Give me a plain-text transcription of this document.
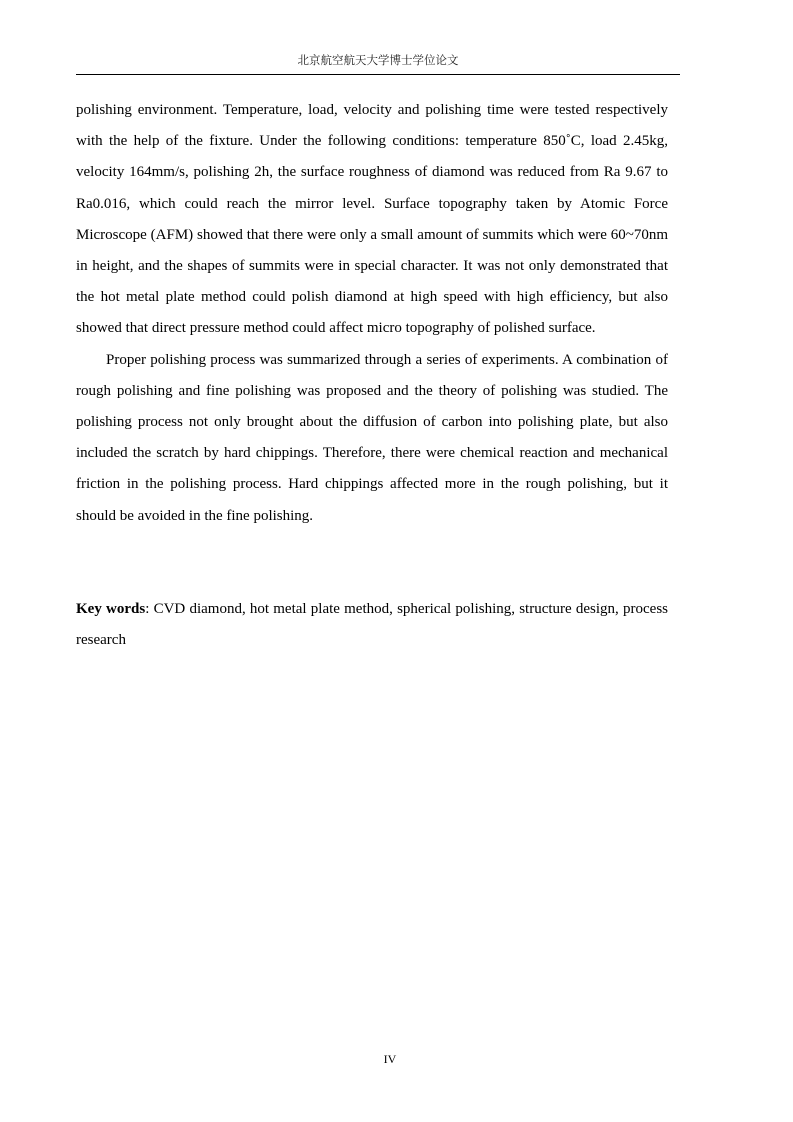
北京航空航天大学博士学位论文

polishing environment. Temperature, load, velocity and polishing time were tested respectively with the help of the fixture. Under the following conditions: temperature 850˚C, load 2.45kg, velocity 164mm/s, polishing 2h, the surface roughness of diamond was reduced from Ra 9.67 to Ra0.016, which could reach the mirror level. Surface topography taken by Atomic Force Microscope (AFM) showed that there were only a small amount of summits which were 60~70nm in height, and the shapes of summits were in special character. It was not only demonstrated that the hot metal plate method could polish diamond at high speed with high efficiency, but also showed that direct pressure method could affect micro topography of polished surface.

Proper polishing process was summarized through a series of experiments. A combination of rough polishing and fine polishing was proposed and the theory of polishing was studied. The polishing process not only brought about the diffusion of carbon into polishing plate, but also included the scratch by hard chippings. Therefore, there were chemical reaction and mechanical friction in the polishing process. Hard chippings affected more in the rough polishing, but it should be avoided in the fine polishing.

Key words: CVD diamond, hot metal plate method, spherical polishing, structure design, process research
IV
